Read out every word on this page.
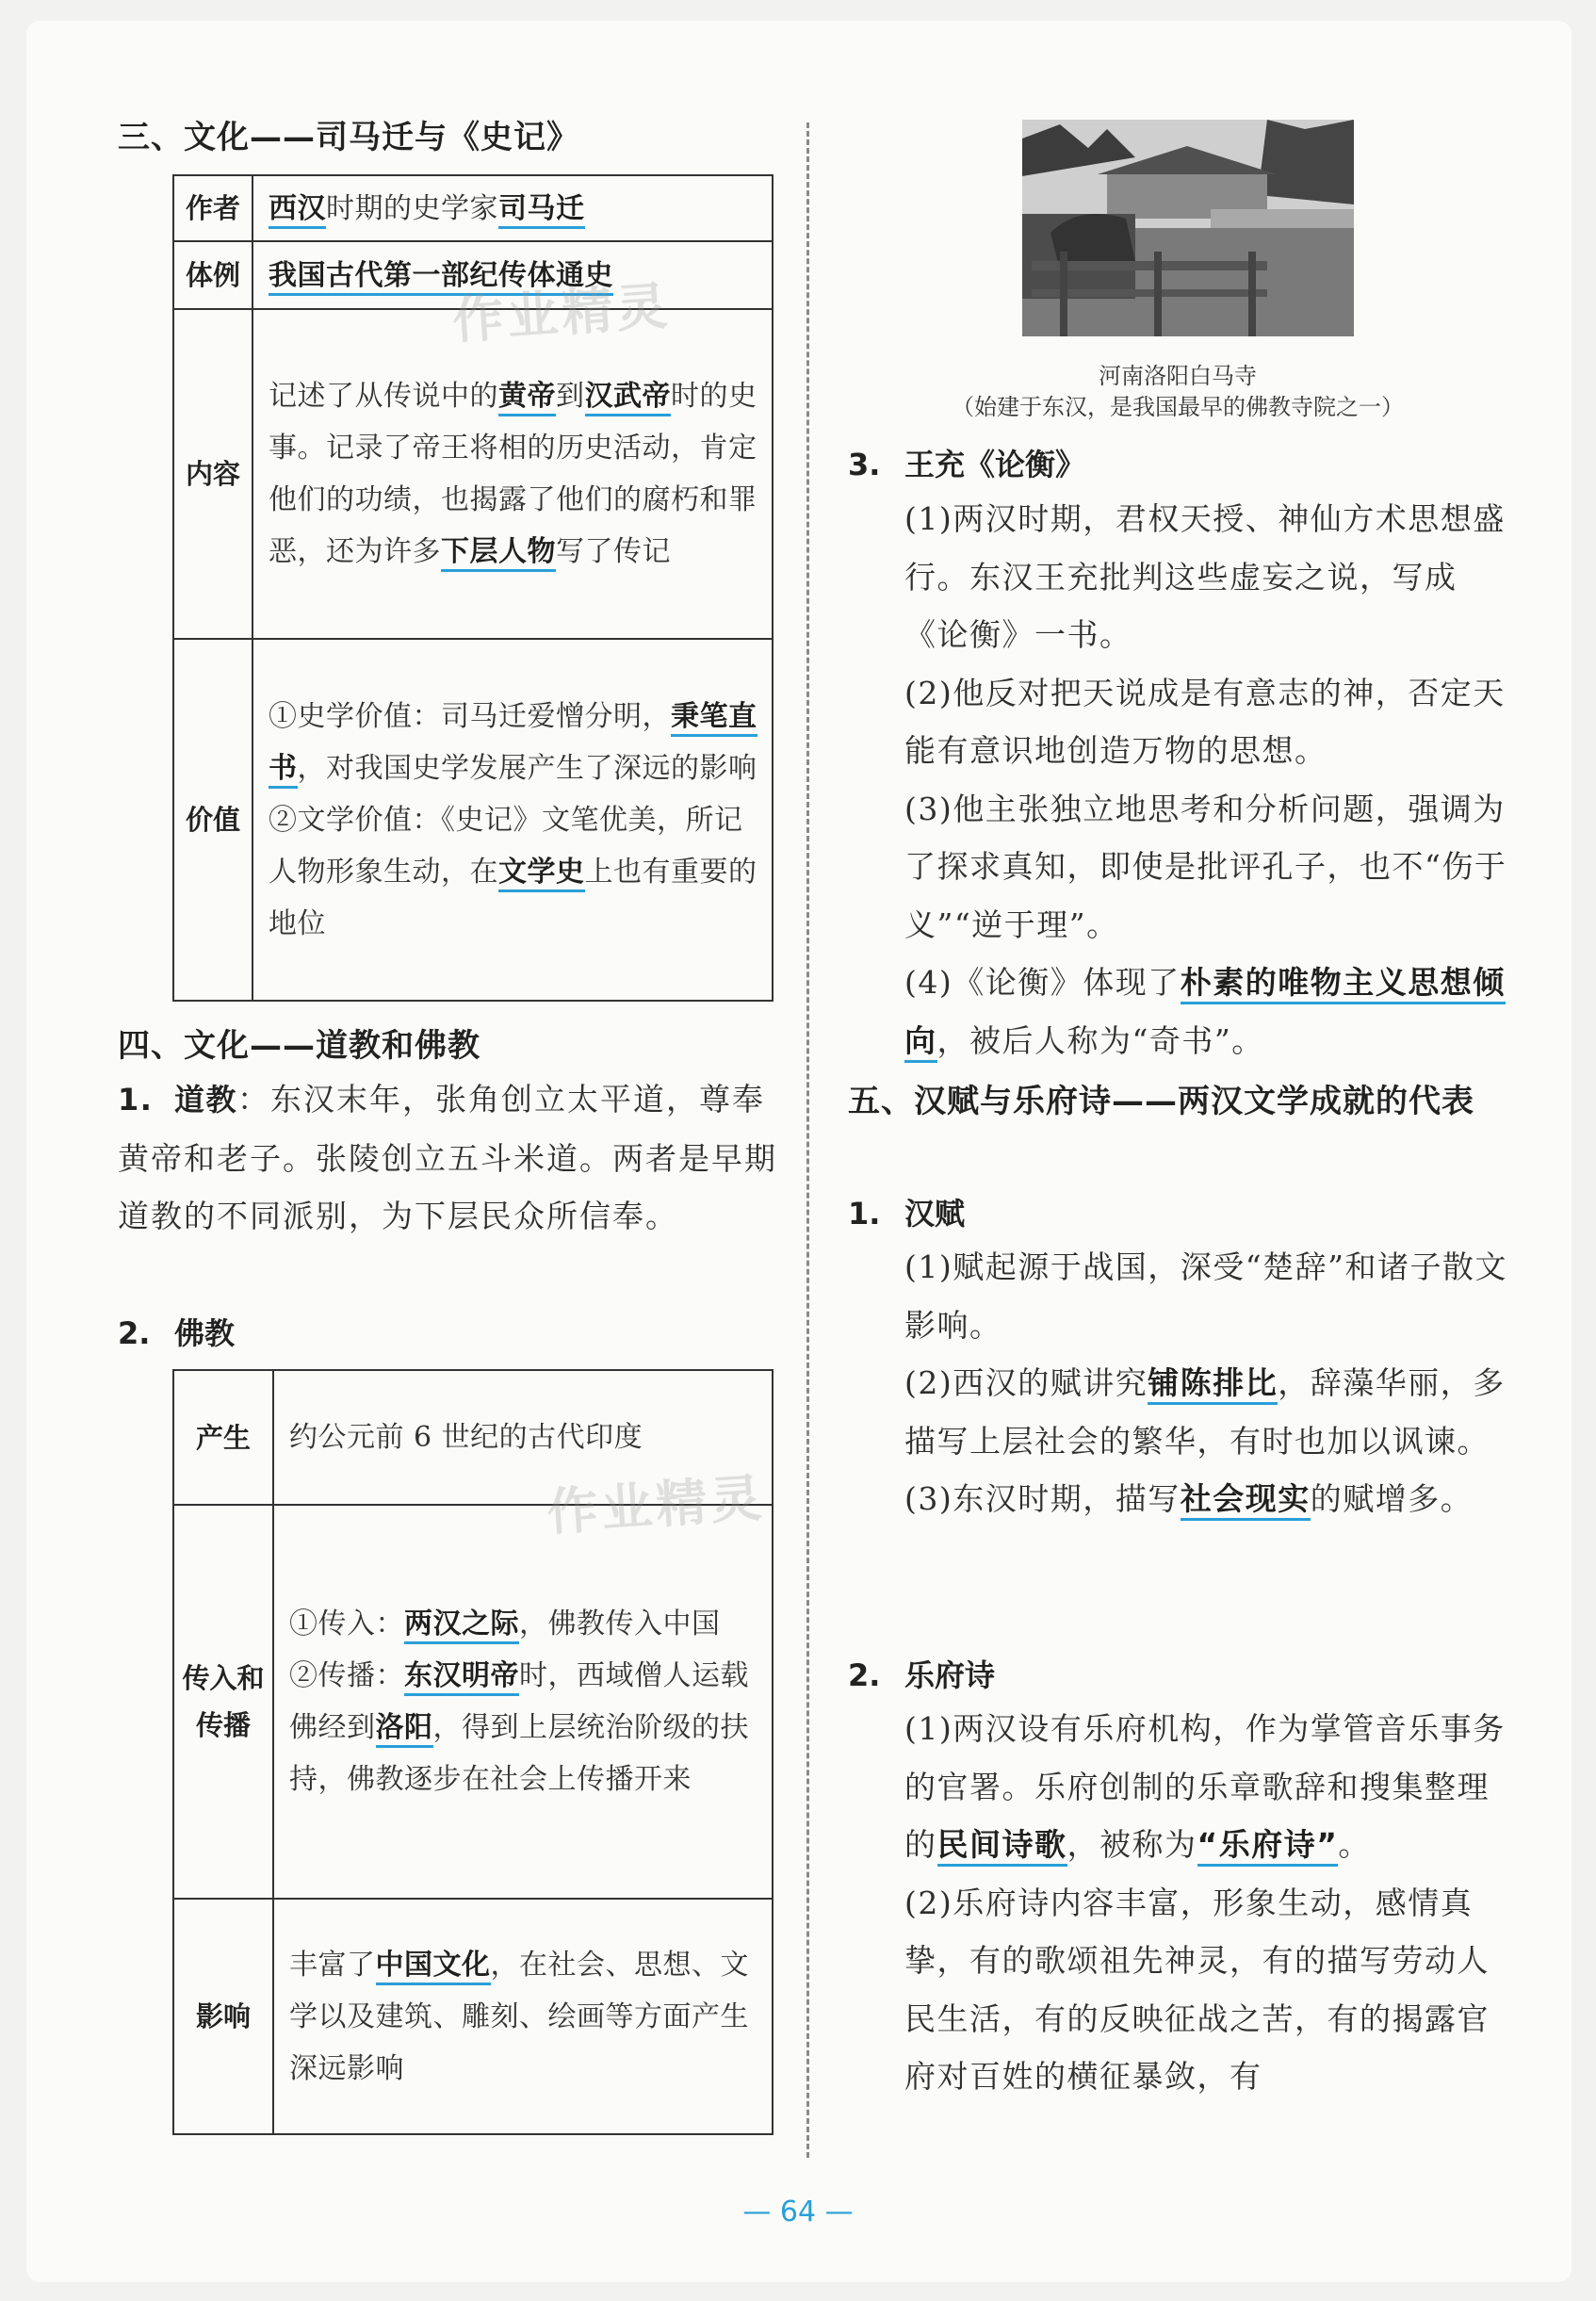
三、文化——司马迁与《史记》
作者	西汉时期的史学家司马迁
体例	我国古代第一部纪传体通史
内容	记述了从传说中的黄帝到汉武帝时的史事。记录了帝王将相的历史活动，肯定他们的功绩，也揭露了他们的腐朽和罪恶，还为许多下层人物写了传记
价值	①史学价值：司马迁爱憎分明，秉笔直书，对我国史学发展产生了深远的影响
②文学价值：《史记》文笔优美，所记人物形象生动，在文学史上也有重要的地位
作业精灵
四、文化——道教和佛教
1. 道教：东汉末年，张角创立太平道，尊奉黄帝和老子。张陵创立五斗米道。两者是早期道教的不同派别，为下层民众所信奉。
2. 佛教
产生	约公元前 6 世纪的古代印度
传入和传播	①传入：两汉之际，佛教传入中国
②传播：东汉明帝时，西域僧人运载佛经到洛阳，得到上层统治阶级的扶持，佛教逐步在社会上传播开来
影响	丰富了中国文化，在社会、思想、文学以及建筑、雕刻、绘画等方面产生深远影响
作业精灵
河南洛阳白马寺
（始建于东汉，是我国最早的佛教寺院之一）
3. 王充《论衡》
(1)两汉时期，君权天授、神仙方术思想盛行。东汉王充批判这些虚妄之说，写成《论衡》一书。
(2)他反对把天说成是有意志的神，否定天能有意识地创造万物的思想。
(3)他主张独立地思考和分析问题，强调为了探求真知，即使是批评孔子，也不“伤于义”“逆于理”。
(4)《论衡》体现了朴素的唯物主义思想倾向，被后人称为“奇书”。
五、汉赋与乐府诗——两汉文学成就的代表
1. 汉赋
(1)赋起源于战国，深受“楚辞”和诸子散文影响。
(2)西汉的赋讲究铺陈排比，辞藻华丽，多描写上层社会的繁华，有时也加以讽谏。
(3)东汉时期，描写社会现实的赋增多。
2. 乐府诗
(1)两汉设有乐府机构，作为掌管音乐事务的官署。乐府创制的乐章歌辞和搜集整理的民间诗歌，被称为“乐府诗”。
(2)乐府诗内容丰富，形象生动，感情真挚，有的歌颂祖先神灵，有的描写劳动人民生活，有的反映征战之苦，有的揭露官府对百姓的横征暴敛，有
— 64 —
